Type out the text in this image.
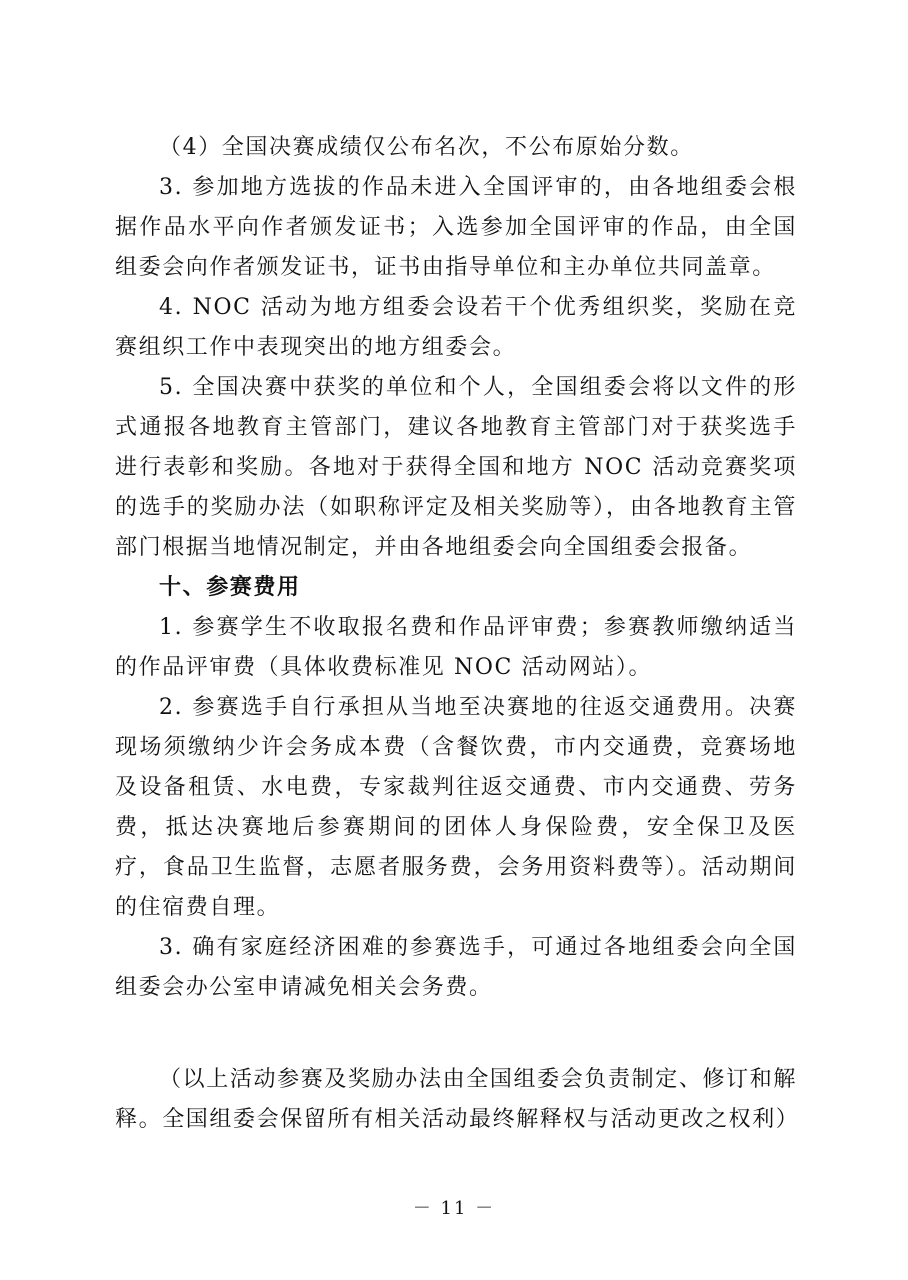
（4）全国决赛成绩仅公布名次，不公布原始分数。

3. 参加地方选拔的作品未进入全国评审的，由各地组委会根据作品水平向作者颁发证书；入选参加全国评审的作品，由全国组委会向作者颁发证书，证书由指导单位和主办单位共同盖章。

4. NOC 活动为地方组委会设若干个优秀组织奖，奖励在竞赛组织工作中表现突出的地方组委会。

5. 全国决赛中获奖的单位和个人，全国组委会将以文件的形式通报各地教育主管部门，建议各地教育主管部门对于获奖选手进行表彰和奖励。各地对于获得全国和地方 NOC 活动竞赛奖项的选手的奖励办法（如职称评定及相关奖励等），由各地教育主管部门根据当地情况制定，并由各地组委会向全国组委会报备。

十、参赛费用

1. 参赛学生不收取报名费和作品评审费；参赛教师缴纳适当的作品评审费（具体收费标准见 NOC 活动网站）。

2. 参赛选手自行承担从当地至决赛地的往返交通费用。决赛现场须缴纳少许会务成本费（含餐饮费，市内交通费，竞赛场地及设备租赁、水电费，专家裁判往返交通费、市内交通费、劳务费，抵达决赛地后参赛期间的团体人身保险费，安全保卫及医疗，食品卫生监督，志愿者服务费，会务用资料费等）。活动期间的住宿费自理。

3. 确有家庭经济困难的参赛选手，可通过各地组委会向全国组委会办公室申请减免相关会务费。

（以上活动参赛及奖励办法由全国组委会负责制定、修订和解释。全国组委会保留所有相关活动最终解释权与活动更改之权利）

－ 11 －
